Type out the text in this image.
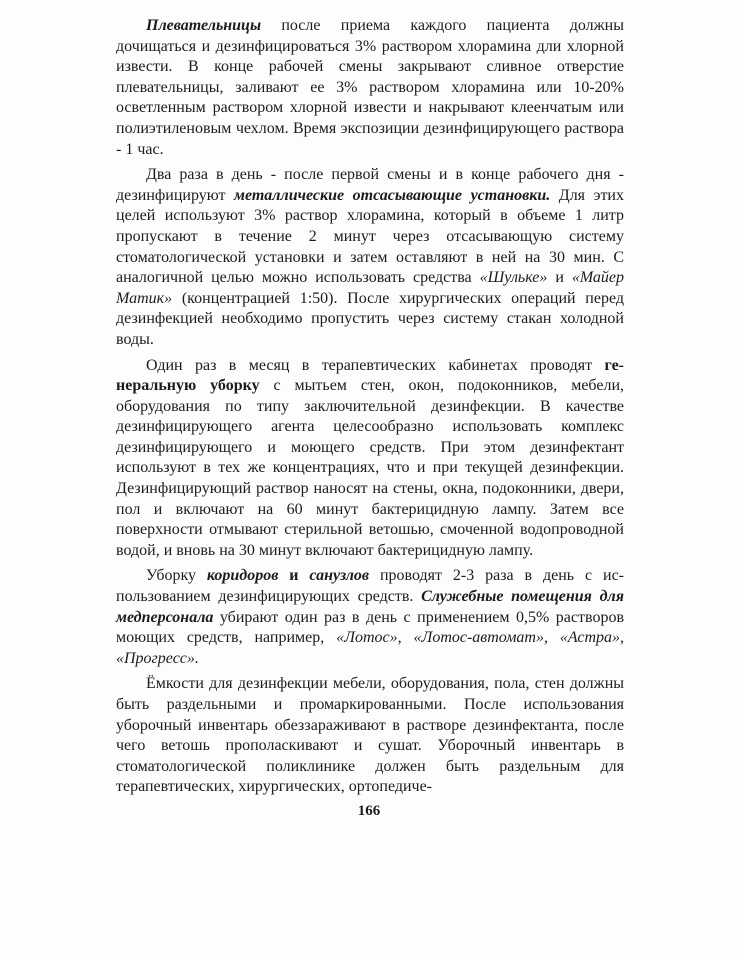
Плевательницы после приема каждого пациента должны дочищаться и дезинфицироваться 3% раствором хлорамина дли хлорной извести. В конце рабочей смены закрывают сливное отверстие плевательницы, заливают ее 3% раствором хлорамина или 10-20% осветленным раствором хлорной извести и накрывают клеенчатым или полиэтиленовым чехлом. Время экспозиции дезинфицирующего раствора - 1 час.

Два раза в день - после первой смены и в конце рабочего дня - дезинфицируют металлические отсасывающие установки. Для этих целей используют 3% раствор хлорамина, который в объеме 1 литр пропускают в течение 2 минут через отсасывающую систему стоматологической установки и затем оставляют в ней на 30 мин. С аналогичной целью можно использовать средства «Шульке» и «Майер Матик» (концентрацией 1:50). После хирургических операций перед дезинфекцией необходимо пропустить через систему стакан холодной воды.

Один раз в месяц в терапевтических кабинетах проводят генеральную уборку с мытьем стен, окон, подоконников, мебели, оборудования по типу заключительной дезинфекции. В качестве дезинфицирующего агента целесообразно использовать комплекс дезинфицирующего и моющего средств. При этом дезинфектант используют в тех же концентрациях, что и при текущей дезинфекции. Дезинфицирующий раствор наносят на стены, окна, подоконники, двери, пол и включают на 60 минут бактерицидную лампу. Затем все поверхности отмывают стерильной ветошью, смоченной водопроводной водой, и вновь на 30 минут включают бактерицидную лампу.

Уборку коридоров и санузлов проводят 2-3 раза в день с использованием дезинфицирующих средств. Служебные помещения для медперсонала убирают один раз в день с применением 0,5% растворов моющих средств, например, «Лотос», «Лотос-автомат», «Астра», «Прогресс».

Ёмкости для дезинфекции мебели, оборудования, пола, стен должны быть раздельными и промаркированными. После использования уборочный инвентарь обеззараживают в растворе дезинфектанта, после чего ветошь прополаскивают и сушат. Уборочный инвентарь в стоматологической поликлинике должен быть раздельным для терапевтических, хирургических, ортопедиче-

166
